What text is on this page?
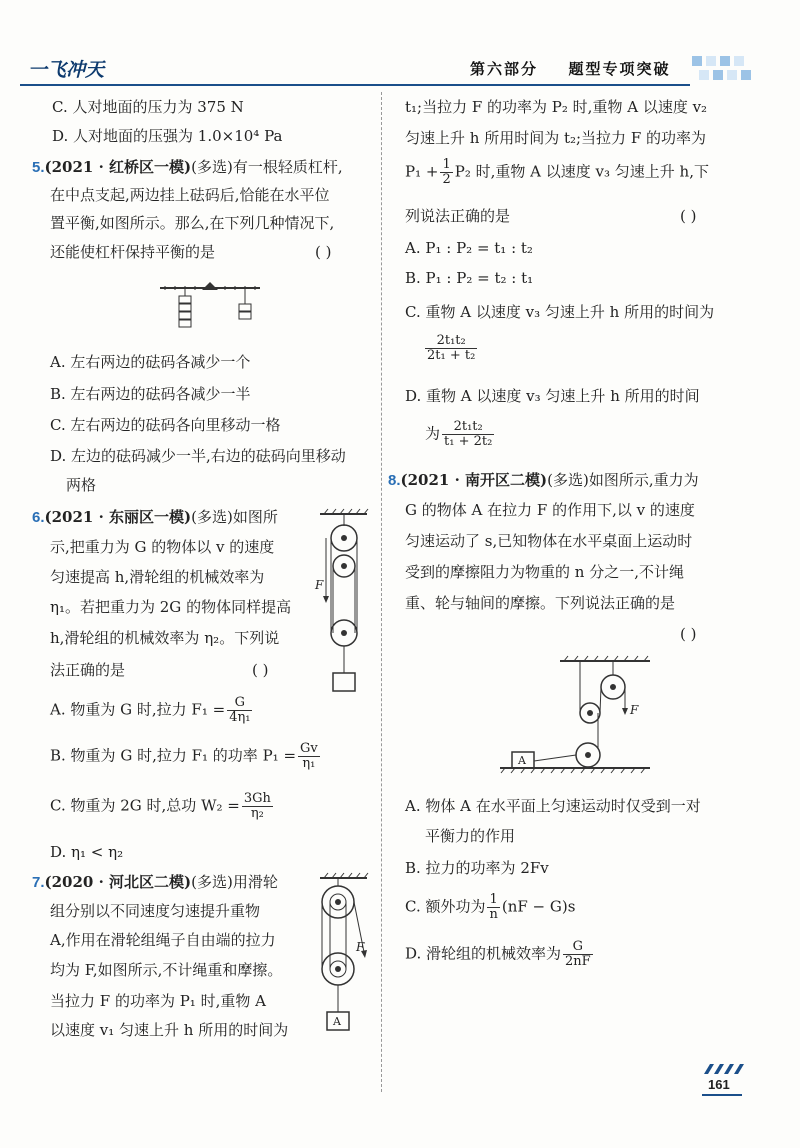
一飞冲天	第六部分 题型专项突破
C. 人对地面的压力为 375 N
D. 人对地面的压强为 1.0×10⁴ Pa
5.(2021 · 红桥区一模)(多选)有一根轻质杠杆,
在中点支起,两边挂上砝码后,恰能在水平位
置平衡,如图所示。那么,在下列几种情况下,
还能使杠杆保持平衡的是	( )
A. 左右两边的砝码各减少一个
B. 左右两边的砝码各减少一半
C. 左右两边的砝码各向里移动一格
D. 左边的砝码减少一半,右边的砝码向里移动
两格
6.(2021 · 东丽区一模)(多选)如图所
示,把重力为 G 的物体以 v 的速度
匀速提高 h,滑轮组的机械效率为
η₁。若把重力为 2G 的物体同样提高
h,滑轮组的机械效率为 η₂。下列说
法正确的是	( )
F
A. 物重为 G 时,拉力 $F_1 = \frac{G}{\text{4η₁}}$
B. 物重为 G 时,拉力 F₁ 的功率 $P_1 = \frac{Gv}{\text{η₁}}$
C. 物重为 2G 时,总功 $W_2 = \frac{3Gh}{\text{η₂}}$
D. η₁ < η₂
7.(2020 · 河北区二模)(多选)用滑轮
组分别以不同速度匀速提升重物
A,作用在滑轮组绳子自由端的拉力
均为 F,如图所示,不计绳重和摩擦。
当拉力 F 的功率为 P₁ 时,重物 A
以速度 v₁ 匀速上升 h 所用的时间为
F
A
t₁;当拉力 F 的功率为 P₂ 时,重物 A 以速度 v₂
匀速上升 h 所用时间为 t₂;当拉力 F 的功率为
$P_1 + \frac{1}{2} P_2$ 时,重物 A 以速度 v₃ 匀速上升 h,下
列说法正确的是	( )
A. P₁ : P₂ = t₁ : t₂
B. P₁ : P₂ = t₂ : t₁
C. 重物 A 以速度 v₃ 匀速上升 h 所用的时间为
$\frac{\text{2t₁t₂}}{\text{2t₁ + t₂}}$
D. 重物 A 以速度 v₃ 匀速上升 h 所用的时间
为 $\frac{\text{2t₁t₂}}{\text{t₁ + 2t₂}}$
8.(2021 · 南开区二模)(多选)如图所示,重力为
G 的物体 A 在拉力 F 的作用下,以 v 的速度
匀速运动了 s,已知物体在水平桌面上运动时
受到的摩擦阻力为物重的 n 分之一,不计绳
重、轮与轴间的摩擦。下列说法正确的是
( )
A
F
A. 物体 A 在水平面上匀速运动时仅受到一对
平衡力的作用
B. 拉力的功率为 2Fv
C. 额外功为 $\frac{1}{n} (nF - G)s$
D. 滑轮组的机械效率为 $\frac{G}{2nF}$
161
